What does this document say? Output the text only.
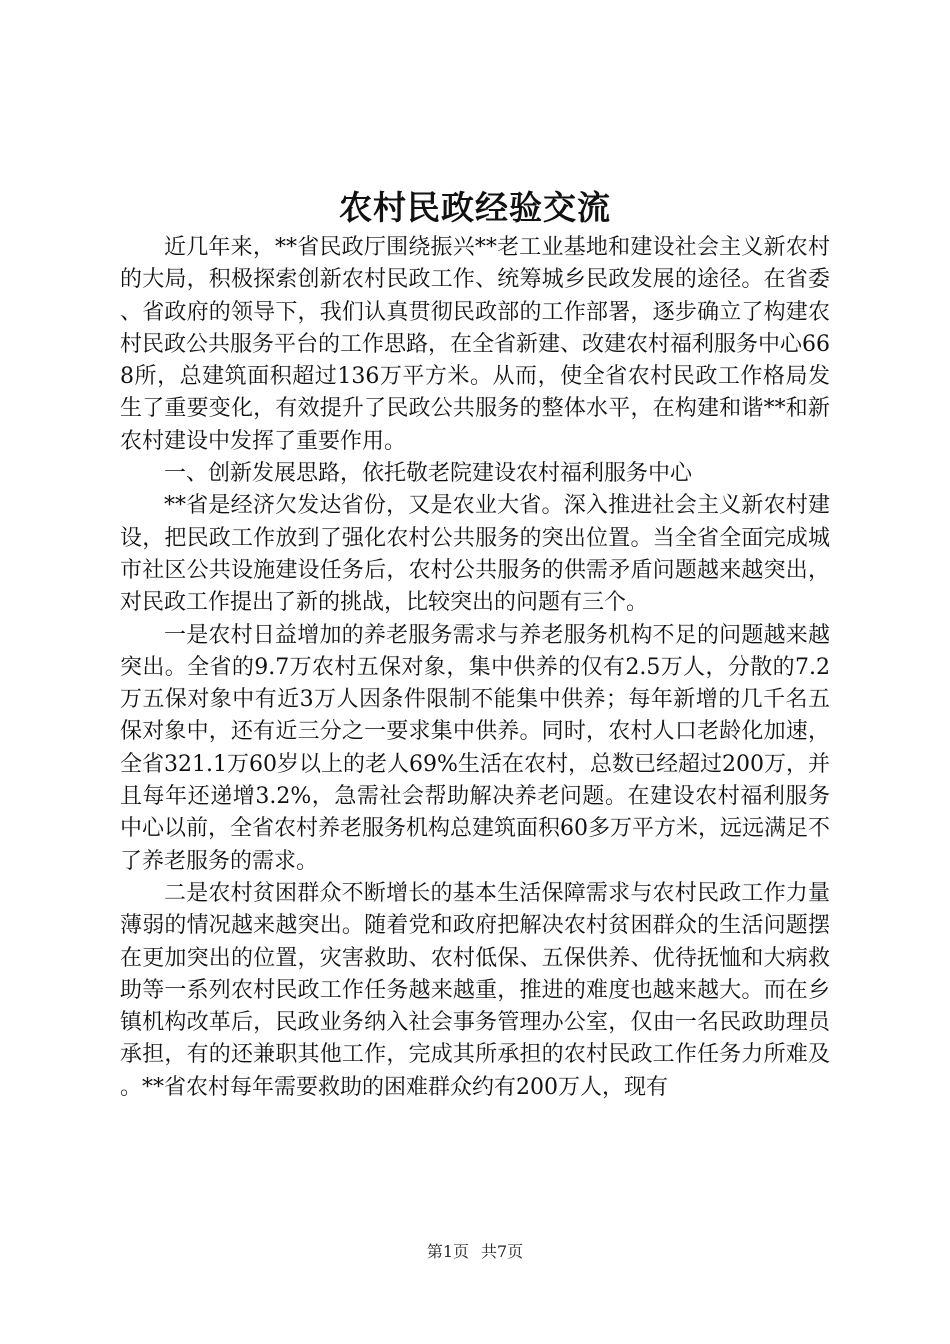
农村民政经验交流

近几年来，**省民政厅围绕振兴**老工业基地和建设社会主义新农村的大局，积极探索创新农村民政工作、统筹城乡民政发展的途径。在省委、省政府的领导下，我们认真贯彻民政部的工作部署，逐步确立了构建农村民政公共服务平台的工作思路，在全省新建、改建农村福利服务中心668所，总建筑面积超过136万平方米。从而，使全省农村民政工作格局发生了重要变化，有效提升了民政公共服务的整体水平，在构建和谐**和新农村建设中发挥了重要作用。

一、创新发展思路，依托敬老院建设农村福利服务中心

**省是经济欠发达省份，又是农业大省。深入推进社会主义新农村建设，把民政工作放到了强化农村公共服务的突出位置。当全省全面完成城市社区公共设施建设任务后，农村公共服务的供需矛盾问题越来越突出，对民政工作提出了新的挑战，比较突出的问题有三个。

一是农村日益增加的养老服务需求与养老服务机构不足的问题越来越突出。全省的9.7万农村五保对象，集中供养的仅有2.5万人，分散的7.2万五保对象中有近3万人因条件限制不能集中供养；每年新增的几千名五保对象中，还有近三分之一要求集中供养。同时，农村人口老龄化加速，全省321.1万60岁以上的老人69%生活在农村，总数已经超过200万，并且每年还递增3.2%，急需社会帮助解决养老问题。在建设农村福利服务中心以前，全省农村养老服务机构总建筑面积60多万平方米，远远满足不了养老服务的需求。

二是农村贫困群众不断增长的基本生活保障需求与农村民政工作力量薄弱的情况越来越突出。随着党和政府把解决农村贫困群众的生活问题摆在更加突出的位置，灾害救助、农村低保、五保供养、优待抚恤和大病救助等一系列农村民政工作任务越来越重，推进的难度也越来越大。而在乡镇机构改革后，民政业务纳入社会事务管理办公室，仅由一名民政助理员承担，有的还兼职其他工作，完成其所承担的农村民政工作任务力所难及。**省农村每年需要救助的困难群众约有200万人，现有

第1页 共7页
